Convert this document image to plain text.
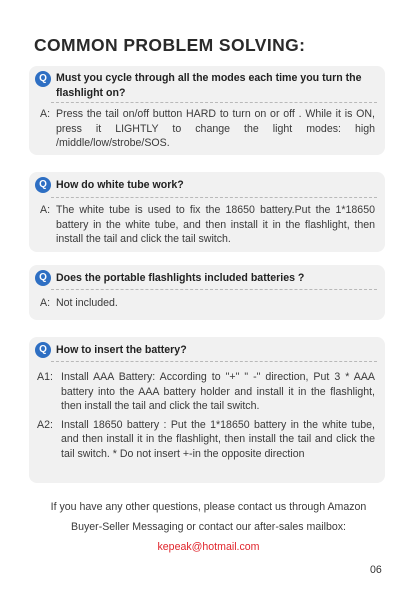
COMMON PROBLEM SOLVING:
Q Must you cycle through all the modes each time you turn the flashlight on?
A: Press the tail on/off button HARD to turn on or off . While it is ON, press it LIGHTLY to change the light modes: high /middle/low/strobe/SOS.
Q How do white tube work?
A: The white tube is used to fix the 18650 battery.Put the 1*18650 battery in the white tube, and then install it in the flashlight, then install the tail and click the tail switch.
Q Does the portable flashlights included batteries ?
A: Not included.
Q How to insert the battery?
A1: Install AAA Battery: According to "+" " -" direction, Put 3 * AAA battery into the AAA battery holder and install it in the flashlight, then install the tail and click the tail switch.
A2: Install 18650 battery : Put the 1*18650 battery in the white tube, and then install it in the flashlight, then install the tail and click the tail switch. * Do not insert +-in the opposite direction
If you have any other questions, please contact us through Amazon Buyer-Seller Messaging or contact our after-sales mailbox: kepeak@hotmail.com
06
